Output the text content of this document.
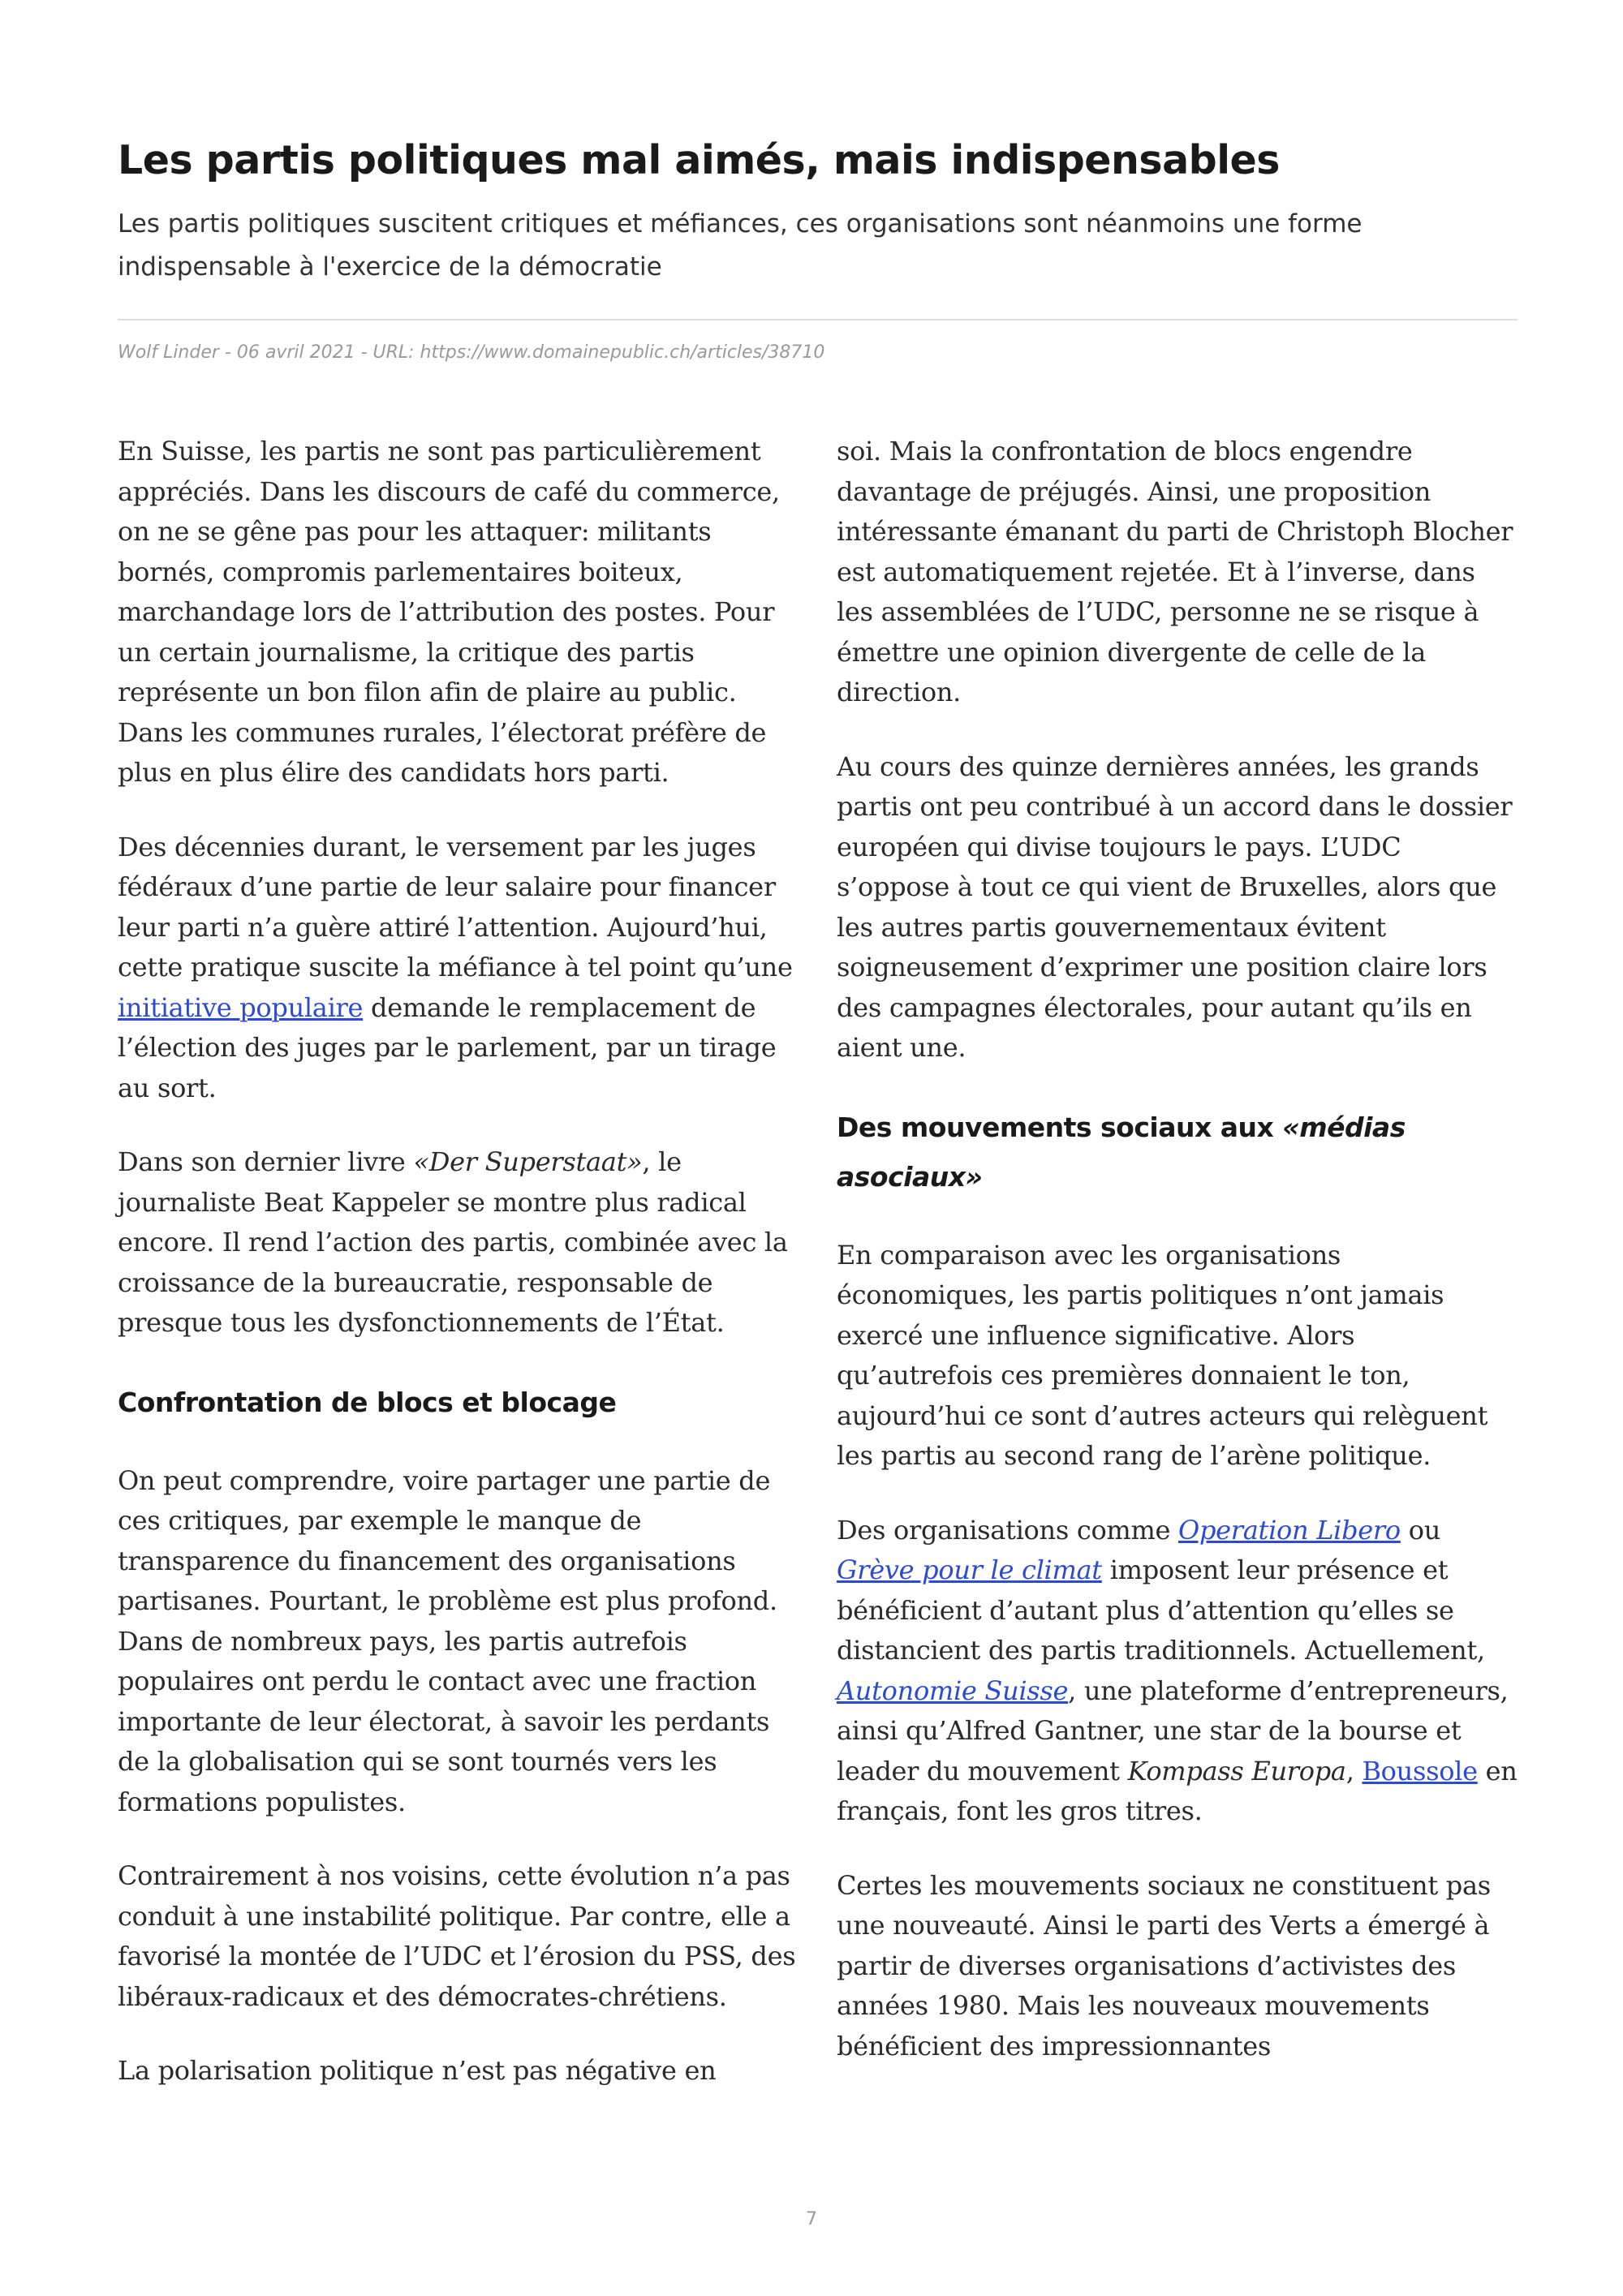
Les partis politiques mal aimés, mais indispensables

Les partis politiques suscitent critiques et méfiances, ces organisations sont néanmoins une forme indispensable à l'exercice de la démocratie

Wolf Linder - 06 avril 2021 - URL: https://www.domainepublic.ch/articles/38710

En Suisse, les partis ne sont pas particulièrement appréciés. Dans les discours de café du commerce, on ne se gêne pas pour les attaquer: militants bornés, compromis parlementaires boiteux, marchandage lors de l’attribution des postes. Pour un certain journalisme, la critique des partis représente un bon filon afin de plaire au public. Dans les communes rurales, l’électorat préfère de plus en plus élire des candidats hors parti.

Des décennies durant, le versement par les juges fédéraux d’une partie de leur salaire pour financer leur parti n’a guère attiré l’attention. Aujourd’hui, cette pratique suscite la méfiance à tel point qu’une initiative populaire demande le remplacement de l’élection des juges par le parlement, par un tirage au sort.

Dans son dernier livre «Der Superstaat», le journaliste Beat Kappeler se montre plus radical encore. Il rend l’action des partis, combinée avec la croissance de la bureaucratie, responsable de presque tous les dysfonctionnements de l’État.

Confrontation de blocs et blocage

On peut comprendre, voire partager une partie de ces critiques, par exemple le manque de transparence du financement des organisations partisanes. Pourtant, le problème est plus profond. Dans de nombreux pays, les partis autrefois populaires ont perdu le contact avec une fraction importante de leur électorat, à savoir les perdants de la globalisation qui se sont tournés vers les formations populistes.

Contrairement à nos voisins, cette évolution n’a pas conduit à une instabilité politique. Par contre, elle a favorisé la montée de l’UDC et l’érosion du PSS, des libéraux-radicaux et des démocrates-chrétiens.

La polarisation politique n’est pas négative en

soi. Mais la confrontation de blocs engendre davantage de préjugés. Ainsi, une proposition intéressante émanant du parti de Christoph Blocher est automatiquement rejetée. Et à l’inverse, dans les assemblées de l’UDC, personne ne se risque à émettre une opinion divergente de celle de la direction.

Au cours des quinze dernières années, les grands partis ont peu contribué à un accord dans le dossier européen qui divise toujours le pays. L’UDC s’oppose à tout ce qui vient de Bruxelles, alors que les autres partis gouvernementaux évitent soigneusement d’exprimer une position claire lors des campagnes électorales, pour autant qu’ils en aient une.

Des mouvements sociaux aux «médias asociaux»

En comparaison avec les organisations économiques, les partis politiques n’ont jamais exercé une influence significative. Alors qu’autrefois ces premières donnaient le ton, aujourd’hui ce sont d’autres acteurs qui relèguent les partis au second rang de l’arène politique.

Des organisations comme Operation Libero ou Grève pour le climat imposent leur présence et bénéficient d’autant plus d’attention qu’elles se distancient des partis traditionnels. Actuellement, Autonomie Suisse, une plateforme d’entrepreneurs, ainsi qu’Alfred Gantner, une star de la bourse et leader du mouvement Kompass Europa, Boussole en français, font les gros titres.

Certes les mouvements sociaux ne constituent pas une nouveauté. Ainsi le parti des Verts a émergé à partir de diverses organisations d’activistes des années 1980. Mais les nouveaux mouvements bénéficient des impressionnantes

7
